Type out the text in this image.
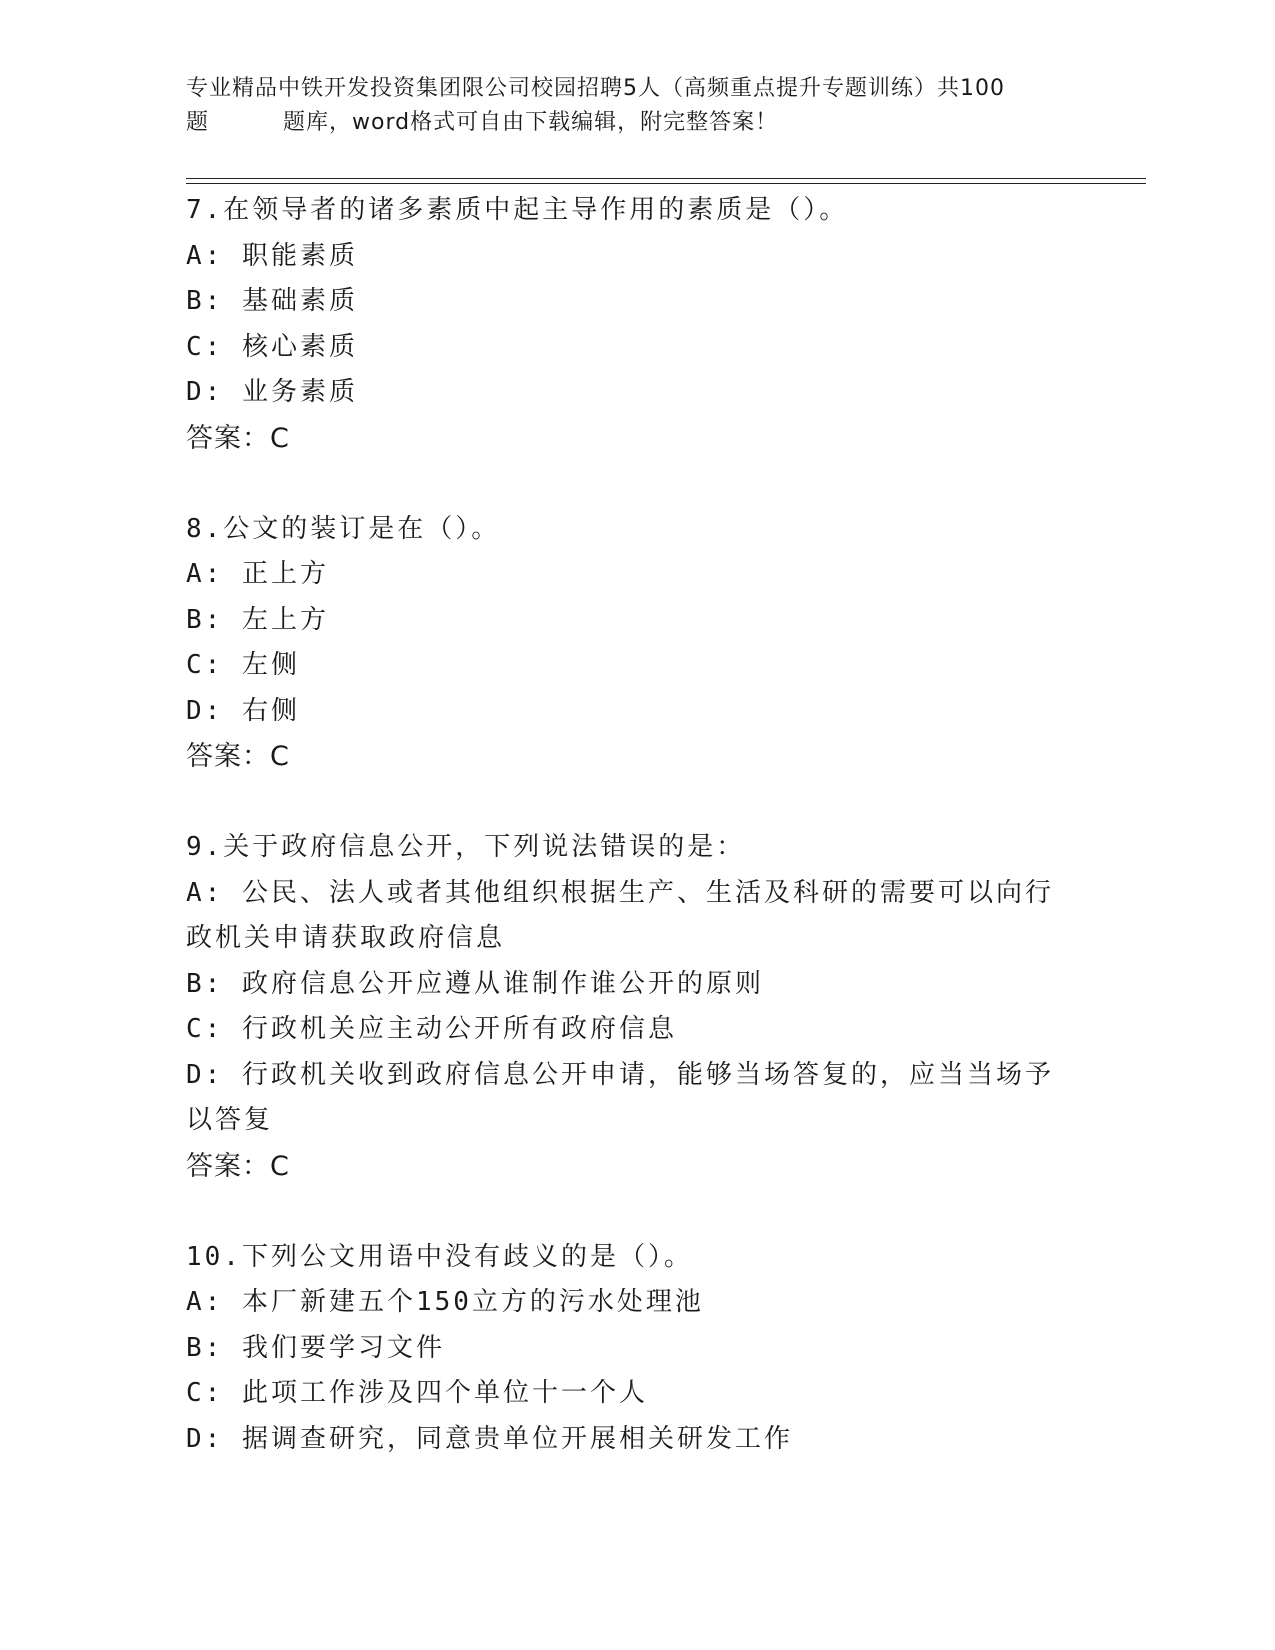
专业精品中铁开发投资集团限公司校园招聘5人（高频重点提升专题训练）共100
题	题库，word格式可自由下载编辑，附完整答案！

7.在领导者的诸多素质中起主导作用的素质是（）。

A: 职能素质

B: 基础素质

C: 核心素质

D: 业务素质

答案：C

8.公文的装订是在（）。

A: 正上方

B: 左上方

C: 左侧

D: 右侧

答案：C

9.关于政府信息公开，下列说法错误的是：

A: 公民、法人或者其他组织根据生产、生活及科研的需要可以向行政机关申请获取政府信息

B: 政府信息公开应遵从谁制作谁公开的原则

C: 行政机关应主动公开所有政府信息

D: 行政机关收到政府信息公开申请，能够当场答复的，应当当场予以答复

答案：C

10.下列公文用语中没有歧义的是（）。

A: 本厂新建五个150立方的污水处理池

B: 我们要学习文件

C: 此项工作涉及四个单位十一个人

D: 据调查研究，同意贵单位开展相关研发工作
